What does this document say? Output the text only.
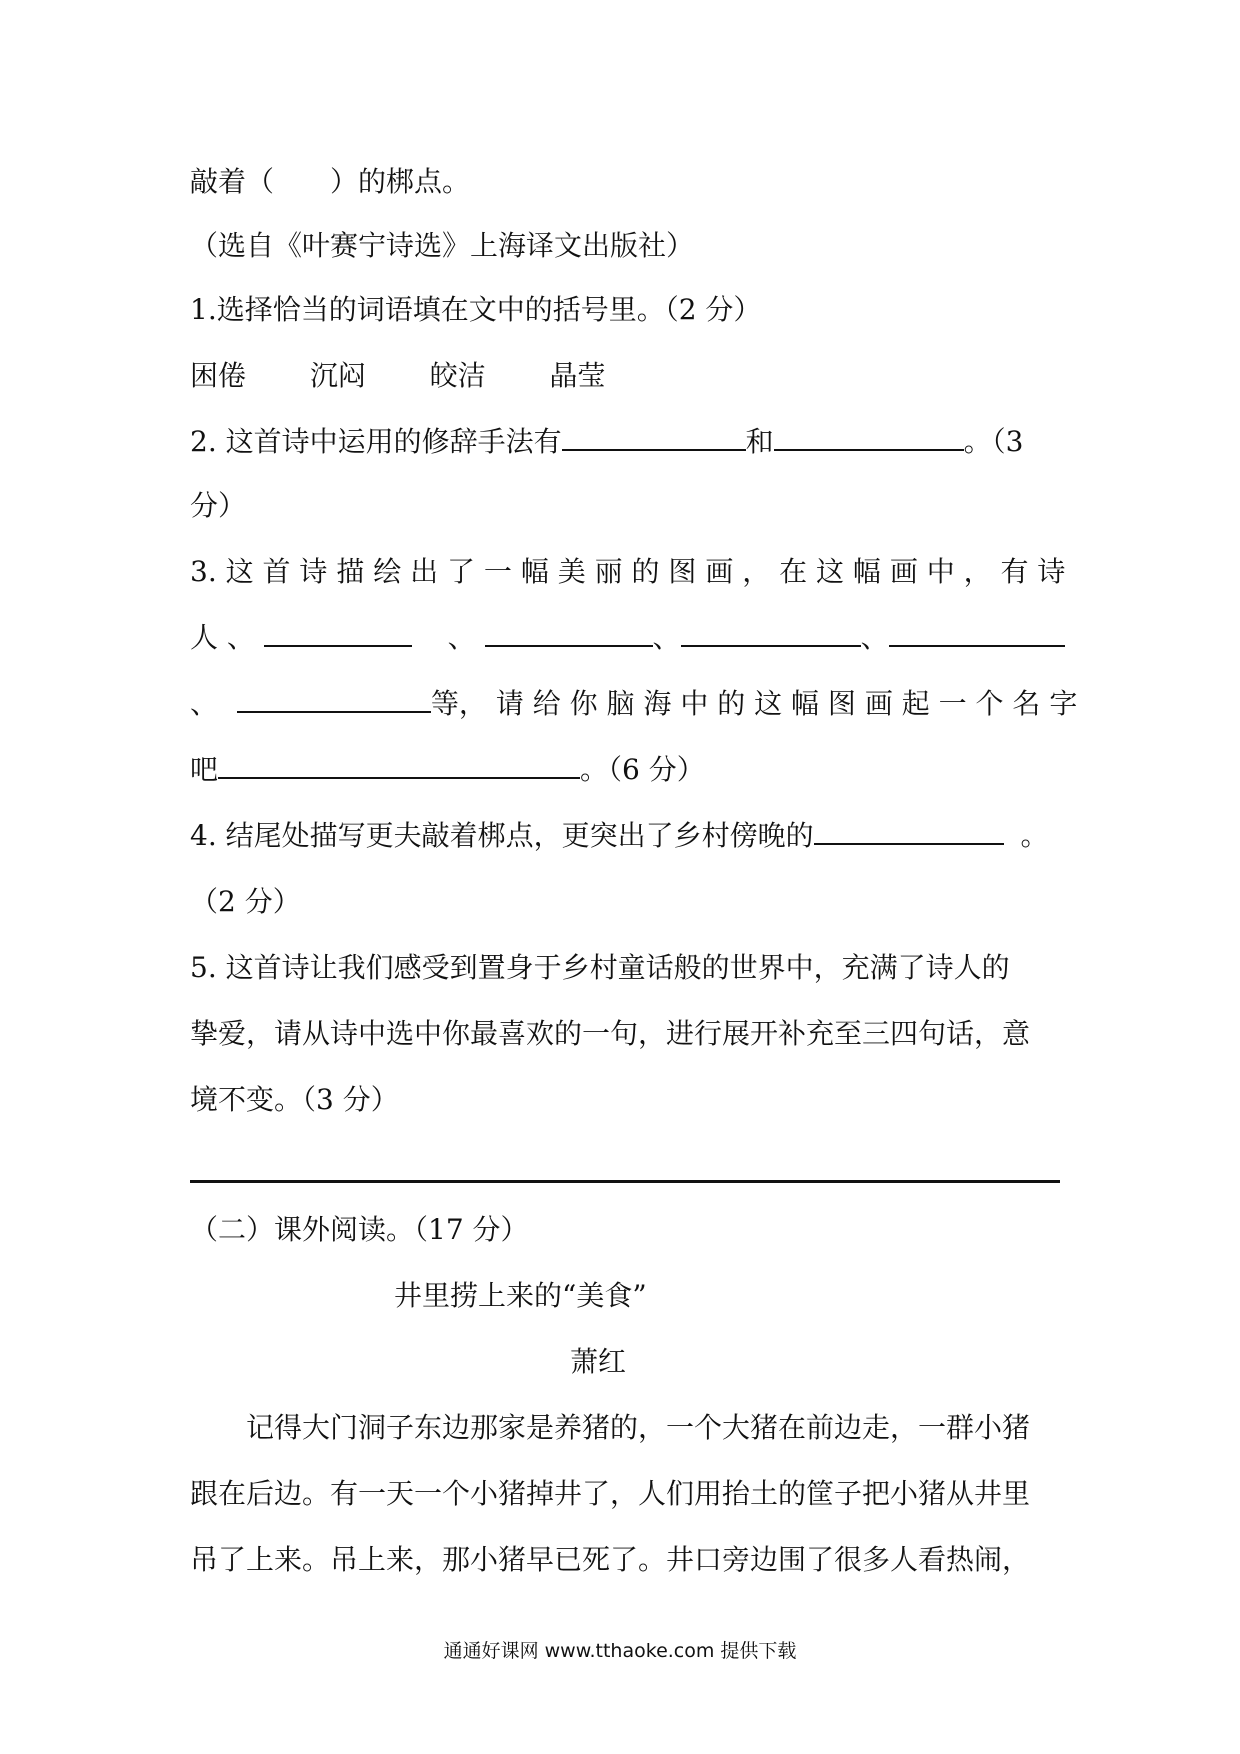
敲着（　　）的梆点。
（选自《叶赛宁诗选》上海译文出版社）
1.选择恰当的词语填在文中的括号里。（2 分）
困倦 沉闷 皎洁 晶莹
2. 这首诗中运用的修辞手法有	和	。（3
分）
3. 这 首 诗 描 绘 出 了 一 幅 美 丽 的 图 画 ， 在 这 幅 画 中 ， 有 诗
人 、	、	、	、
、	等， 请 给 你 脑 海 中 的 这 幅 图 画 起 一 个 名 字
吧	。（6 分）
4. 结尾处描写更夫敲着梆点，更突出了乡村傍晚的	。
（2 分）
5. 这首诗让我们感受到置身于乡村童话般的世界中，充满了诗人的
挚爱，请从诗中选中你最喜欢的一句，进行展开补充至三四句话，意
境不变。（3 分）
（二）课外阅读。（17 分）
井里捞上来的“美食”
萧红
记得大门洞子东边那家是养猪的，一个大猪在前边走，一群小猪
跟在后边。有一天一个小猪掉井了，人们用抬土的筐子把小猪从井里
吊了上来。吊上来，那小猪早已死了。井口旁边围了很多人看热闹，
通通好课网 www.tthaoke.com 提供下载
